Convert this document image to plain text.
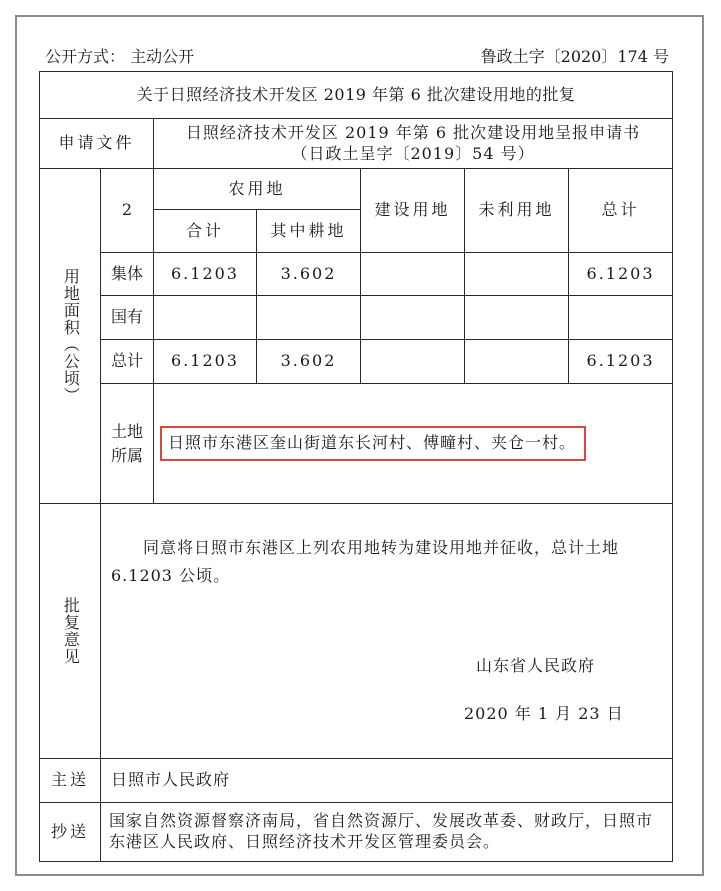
公开方式： 主动公开	鲁政土字〔2020〕174 号
关于日照经济技术开发区 2019 年第 6 批次建设用地的批复						
申请文件		日照经济技术开发区 2019 年第 6 批次建设用地呈报申请书
（日政土呈字〔2019〕54 号）				

用地面积（公顷）	2	农用地		建设用地	未利用地	总计
		合计	其中耕地			
	集体	6.1203	3.602			6.1203
	国有					
	总计	6.1203	3.602			6.1203

	土地所属	日照市东港区奎山街道东长河村、傅疃村、夹仓一村。				

批复意见	同意将日照市东港区上列农用地转为建设用地并征收，总计土地 6.1203 公顷。
山东省人民政府
2020 年 1 月 23 日					

主送	日照市人民政府					
抄送	国家自然资源督察济南局，省自然资源厅、发展改革委、财政厅，日照市东港区人民政府、日照经济技术开发区管理委员会。					
